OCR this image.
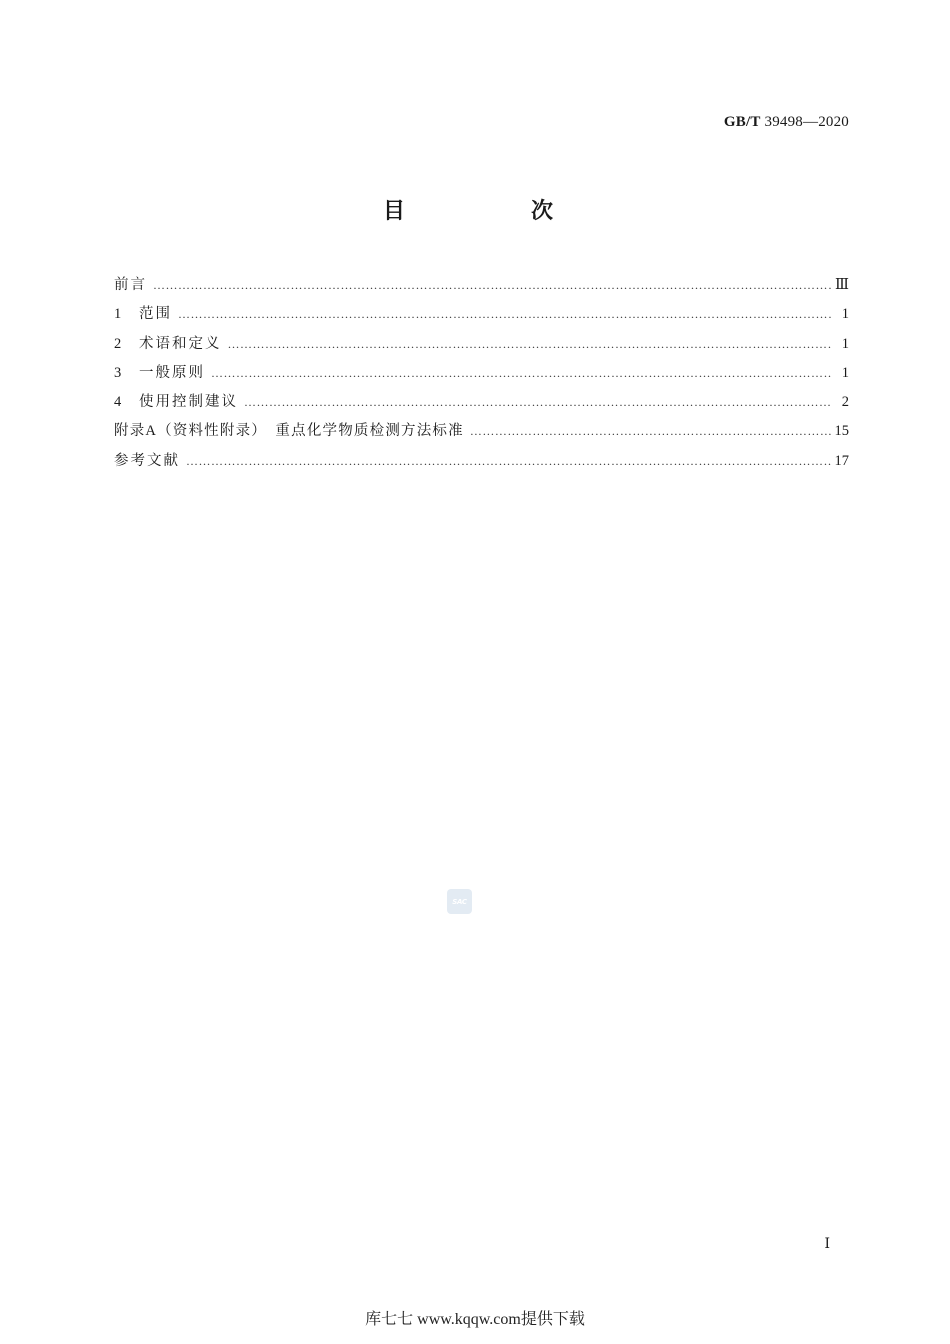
GB/T 39498—2020
目　次
前言 ……………………………………………………………………………………………………………………………………………………………………………………	Ⅲ
1	范围 ……………………………………………………………………………………………………………………………………………………………………………………	1
2	术语和定义 ……………………………………………………………………………………………………………………………………………………………………………………	1
3	一般原则 ……………………………………………………………………………………………………………………………………………………………………………………	1
4	使用控制建议 ……………………………………………………………………………………………………………………………………………………………………………………	2
附录A（资料性附录）　重点化学物质检测方法标准 ……………………………………………………………………………………………………………………………………………………………………………………	15
参考文献 ……………………………………………………………………………………………………………………………………………………………………………………	17
SAC
Ⅰ
库七七 www.kqqw.com提供下载
